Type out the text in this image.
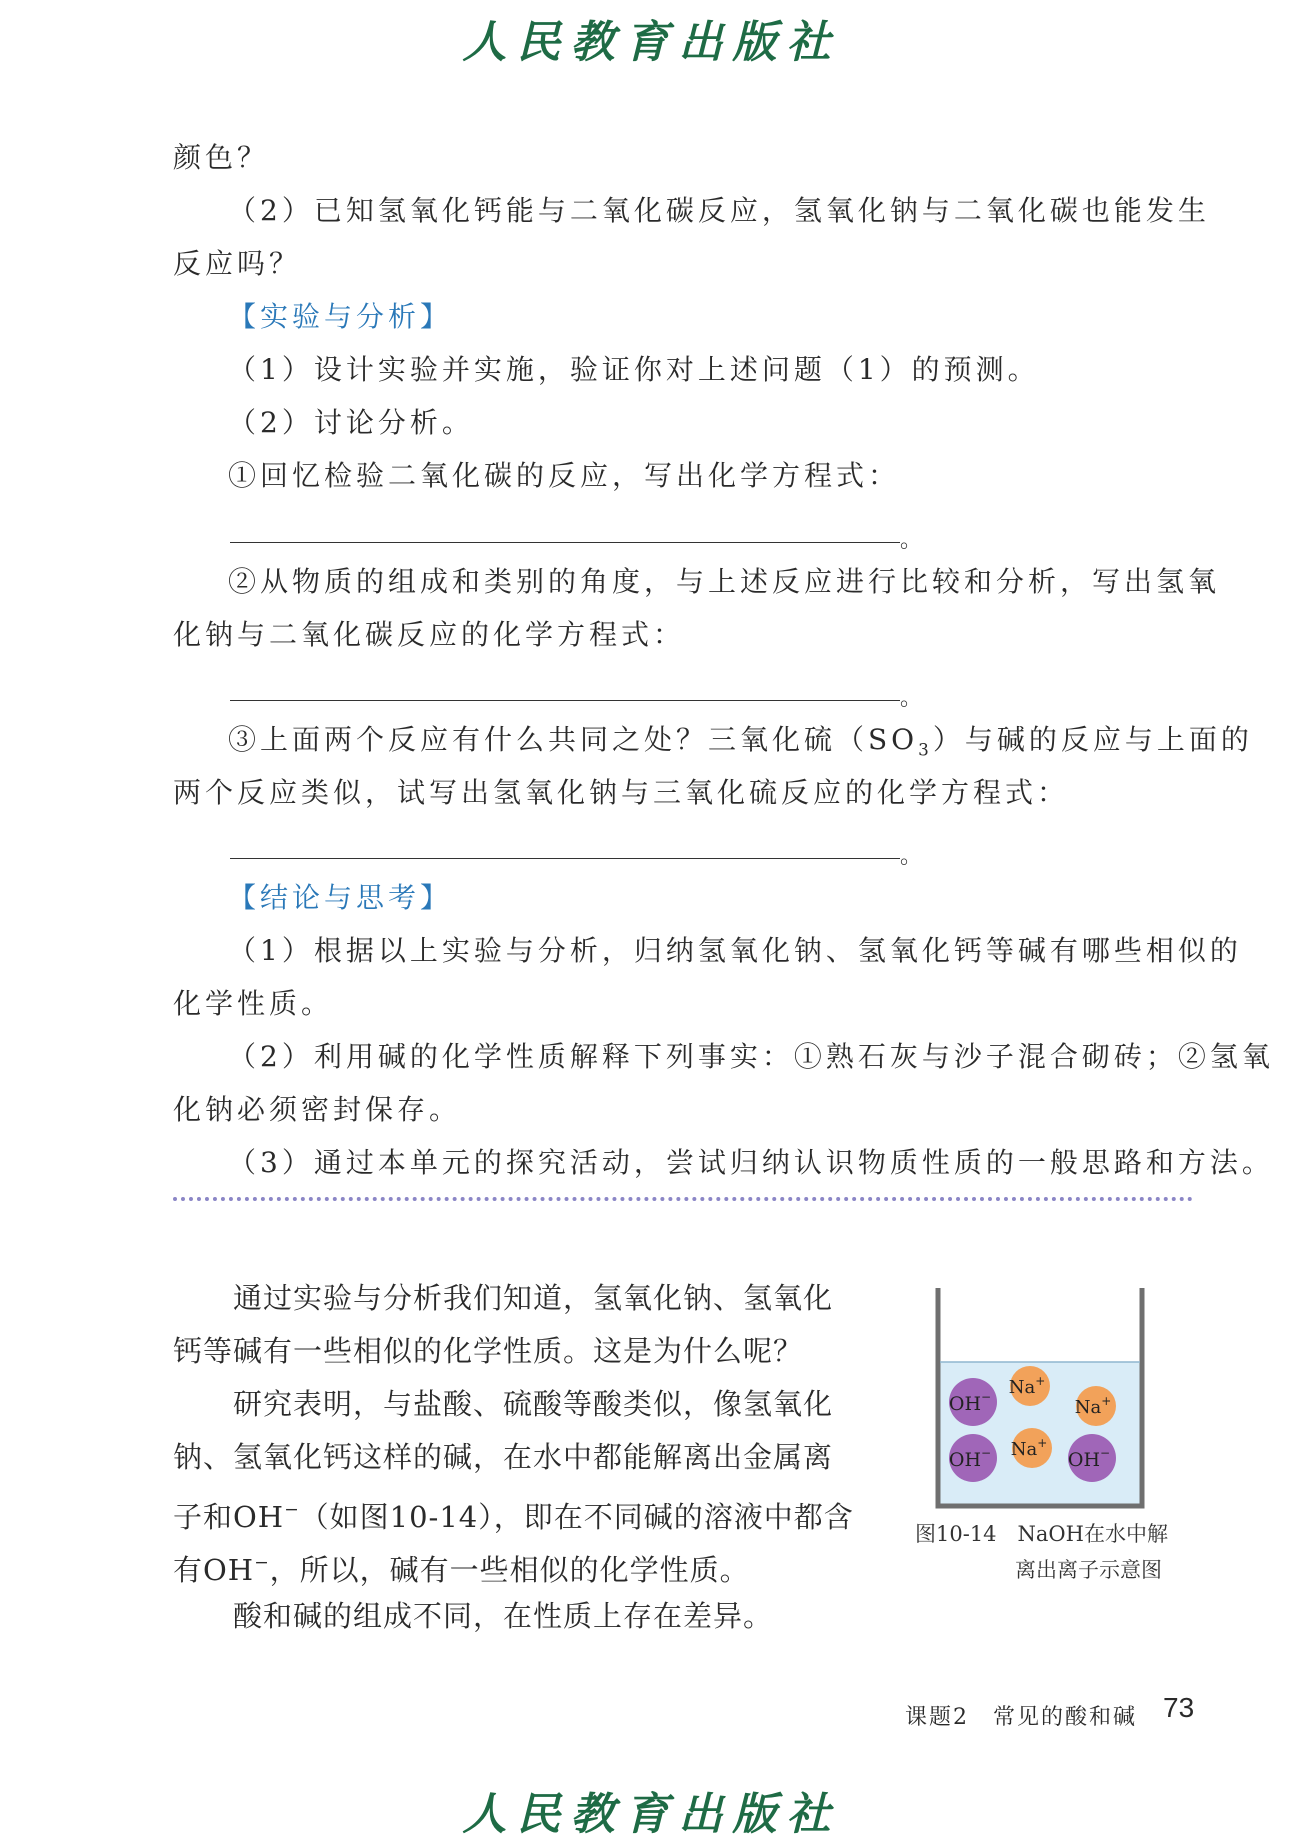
人民教育出版社
颜色？
（2）已知氢氧化钙能与二氧化碳反应，氢氧化钠与二氧化碳也能发生
反应吗？
【实验与分析】
（1）设计实验并实施，验证你对上述问题（1）的预测。
（2）讨论分析。
①回忆检验二氧化碳的反应，写出化学方程式：
。
②从物质的组成和类别的角度，与上述反应进行比较和分析，写出氢氧
化钠与二氧化碳反应的化学方程式：
。
③上面两个反应有什么共同之处？三氧化硫$(SO_3)$与碱的反应与上面的
两个反应类似，试写出氢氧化钠与三氧化硫反应的化学方程式：
。
【结论与思考】
（1）根据以上实验与分析，归纳氢氧化钠、氢氧化钙等碱有哪些相似的
化学性质。
（2）利用碱的化学性质解释下列事实：①熟石灰与沙子混合砌砖；②氢氧
化钠必须密封保存。
（3）通过本单元的探究活动，尝试归纳认识物质性质的一般思路和方法。
通过实验与分析我们知道，氢氧化钠、氢氧化
钙等碱有一些相似的化学性质。这是为什么呢？
研究表明，与盐酸、硫酸等酸类似，像氢氧化
钠、氢氧化钙这样的碱，在水中都能解离出金属离
子和OH−（如图10-14），即在不同碱的溶液中都含
有OH−，所以，碱有一些相似的化学性质。
酸和碱的组成不同，在性质上存在差异。
OH− Na+
Na+
OH− Na+
OH−
图10-14　NaOH在水中解
离出离子示意图
课题2　常见的酸和碱 73
人民教育出版社
